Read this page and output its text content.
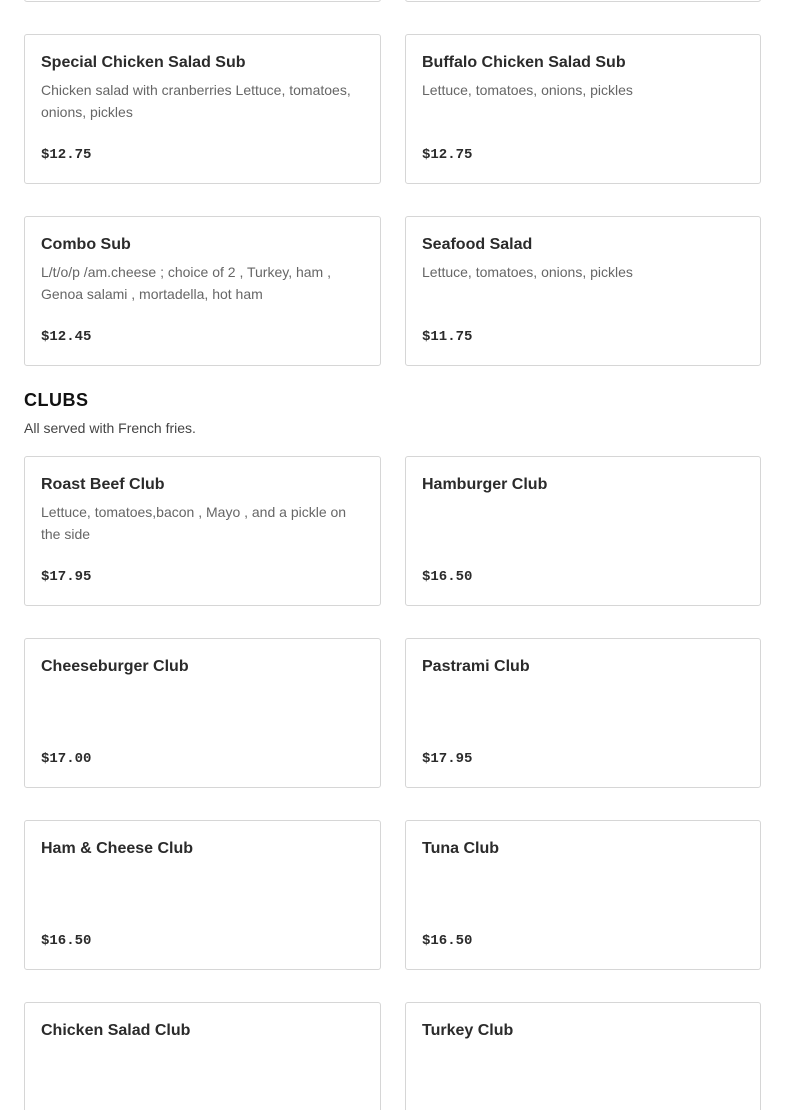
Special Chicken Salad Sub
Chicken salad with cranberries Lettuce, tomatoes, onions, pickles
$12.75
Buffalo Chicken Salad Sub
Lettuce, tomatoes, onions, pickles
$12.75
Combo Sub
L/t/o/p /am.cheese ; choice of 2 , Turkey, ham , Genoa salami , mortadella, hot ham
$12.45
Seafood Salad
Lettuce, tomatoes, onions, pickles
$11.75
CLUBS

All served with French fries.

Roast Beef Club
Lettuce, tomatoes,bacon , Mayo , and a pickle on the side
$17.95
Hamburger Club
$16.50
Cheeseburger Club
$17.00
Pastrami Club
$17.95
Ham & Cheese Club
$16.50
Tuna Club
$16.50
Chicken Salad Club	Turkey Club
